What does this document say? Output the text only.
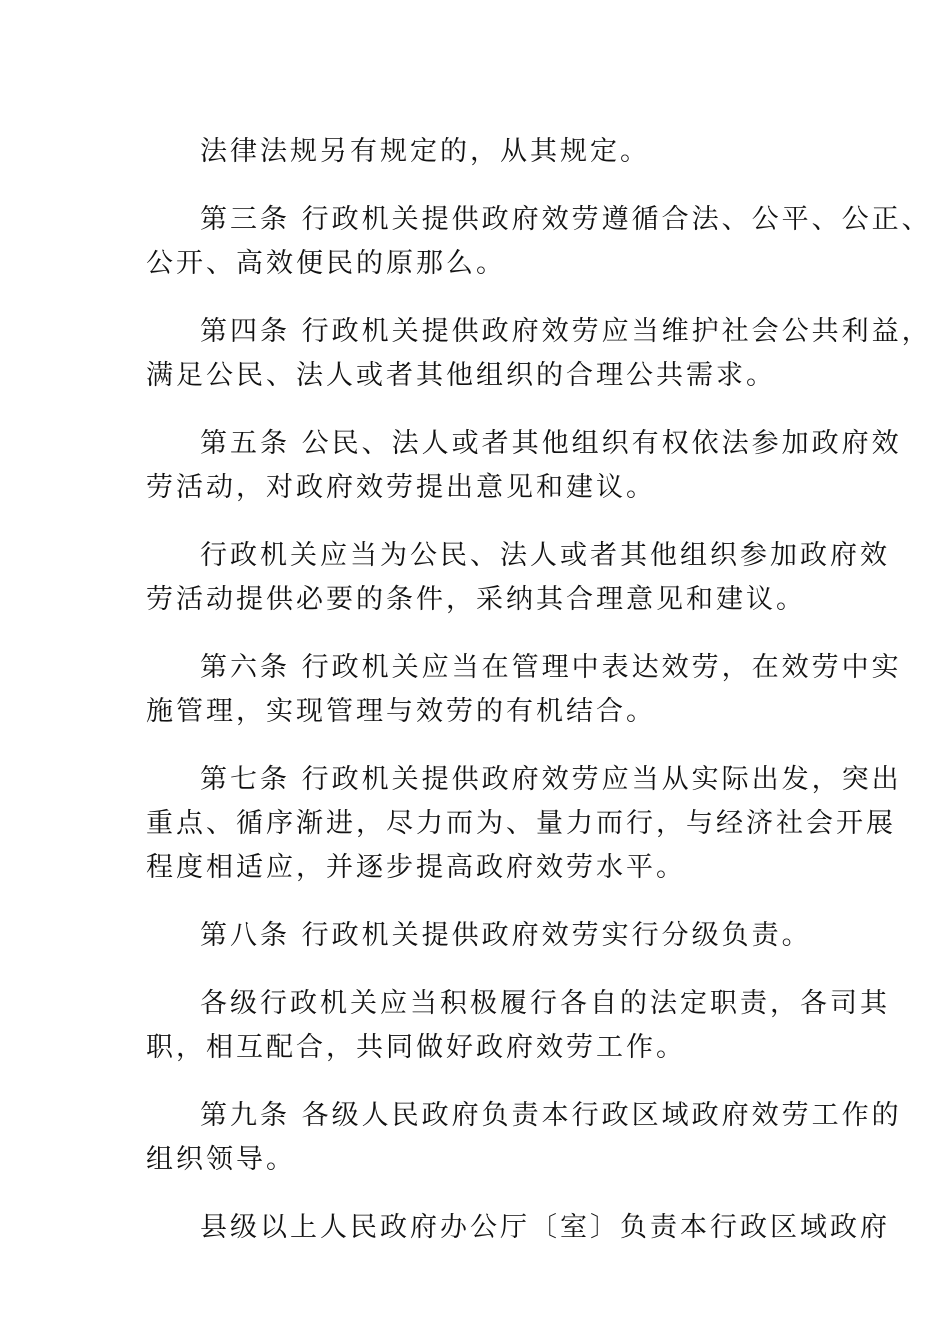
法律法规另有规定的，从其规定。

第三条 行政机关提供政府效劳遵循合法、公平、公正、
公开、高效便民的原那么。

第四条 行政机关提供政府效劳应当维护社会公共利益，
满足公民、法人或者其他组织的合理公共需求。

第五条 公民、法人或者其他组织有权依法参加政府效
劳活动，对政府效劳提出意见和建议。

行政机关应当为公民、法人或者其他组织参加政府效
劳活动提供必要的条件，采纳其合理意见和建议。

第六条 行政机关应当在管理中表达效劳，在效劳中实
施管理，实现管理与效劳的有机结合。

第七条 行政机关提供政府效劳应当从实际出发，突出
重点、循序渐进，尽力而为、量力而行，与经济社会开展
程度相适应，并逐步提高政府效劳水平。

第八条 行政机关提供政府效劳实行分级负责。

各级行政机关应当积极履行各自的法定职责，各司其
职，相互配合，共同做好政府效劳工作。

第九条 各级人民政府负责本行政区域政府效劳工作的
组织领导。

县级以上人民政府办公厅〔室〕负责本行政区域政府
